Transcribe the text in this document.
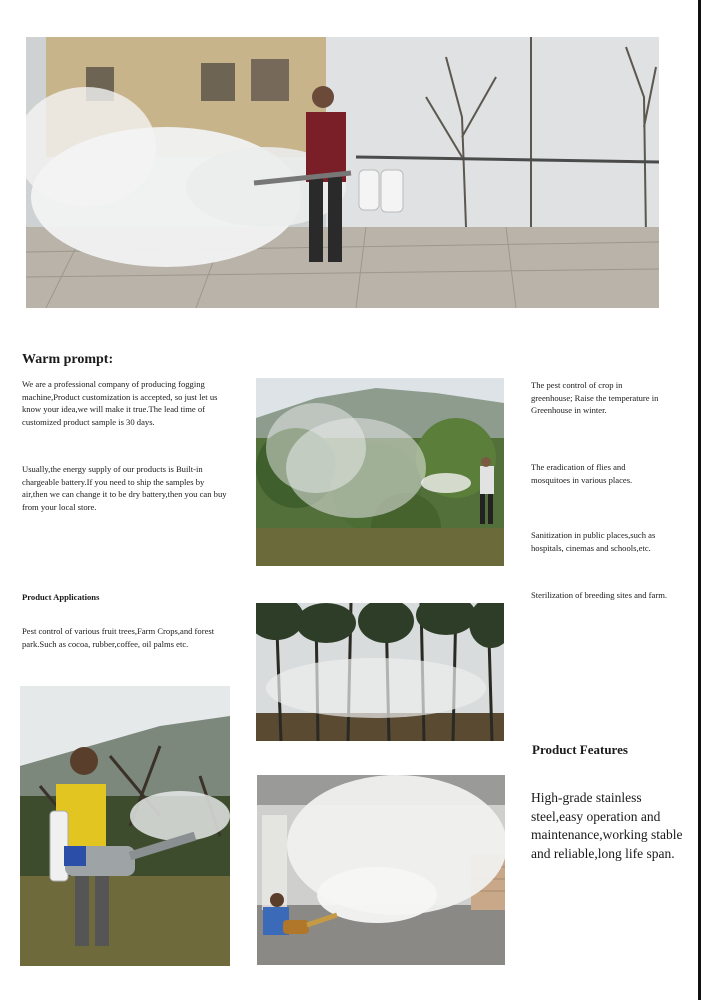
Warm prompt:
We are a professional company of producing fogging machine,Product customization is accepted, so just let us know your idea,we will make it true.The lead time of customized product sample is 30 days.
Usually,the energy supply of our products is Built-in chargeable battery.If you need to ship the samples by air,then we can change it to be dry battery,then you can buy from your local store.
The pest control of crop in greenhouse; Raise the temperature in Greenhouse in winter.
The eradication of flies and mosquitoes in various places.
Sanitization in public places,such as hospitals, cinemas and schools,etc.
Sterilization of breeding sites and farm.
Product Applications
Pest control of various fruit trees,Farm Crops,and forest park.Such as cocoa, rubber,coffee, oil palms etc.
Product Features
High-grade stainless steel,easy operation and maintenance,working stable and reliable,long life span.
